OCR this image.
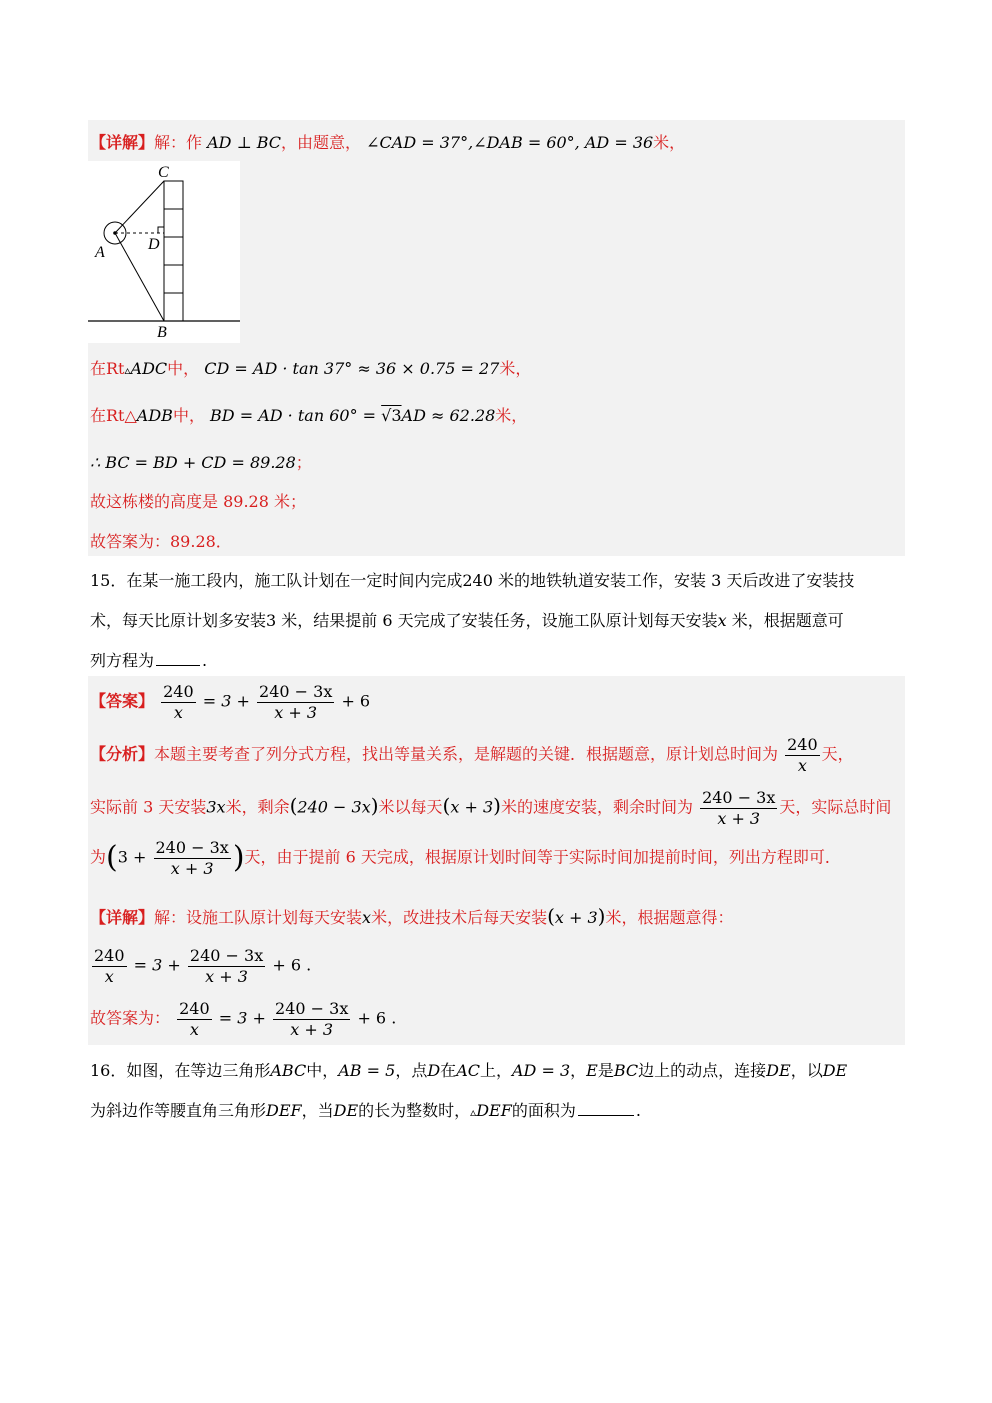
【详解】解：作 AD ⊥ BC，由题意， ∠CAD = 37°,∠DAB = 60°, AD = 36米，
C
A	D
B
在Rt▵ADC中， CD = AD · tan 37° ≈ 36 × 0.75 = 27米，
在Rt△ADB中， BD = AD · tan 60° = √3AD ≈ 62.28米，
∴ BC = BD + CD = 89.28；
故这栋楼的高度是 89.28 米；
故答案为：89.28．
15．在某一施工段内，施工队计划在一定时间内完成240 米的地铁轨道安装工作，安装 3 天后改进了安装技
术，每天比原计划多安装3 米，结果提前 6 天完成了安装任务，设施工队原计划每天安装x 米，根据题意可
列方程为	.
【答案】 $\frac{240}{x} = 3 + \frac{240 - 3x}{x + 3} + 6$
【分析】本题主要考查了列分式方程，找出等量关系，是解题的关键．根据题意，原计划总时间为 $\frac{240}{x}$ 天，
实际前 3 天安装3x米，剩余(240 − 3x)米以每天(x + 3)米的速度安装，剩余时间为 $\frac{240 - 3x}{x + 3}$ 天，实际总时间
为($3 + \frac{240 - 3x}{x + 3}$ )天，由于提前 6 天完成，根据原计划时间等于实际时间加提前时间，列出方程即可．
【详解】解：设施工队原计划每天安装x米，改进技术后每天安装(x + 3)米，根据题意得：
$\frac{240}{x} = 3 + \frac{240 - 3x}{x + 3} + 6$ .
故答案为： $\frac{240}{x} = 3 + \frac{240 - 3x}{x + 3} + 6$ .
16．如图，在等边三角形ABC中，AB = 5，点D在AC上，AD = 3，E是BC边上的动点，连接DE，以DE
为斜边作等腰直角三角形DEF，当DE的长为整数时，▵DEF的面积为	.
